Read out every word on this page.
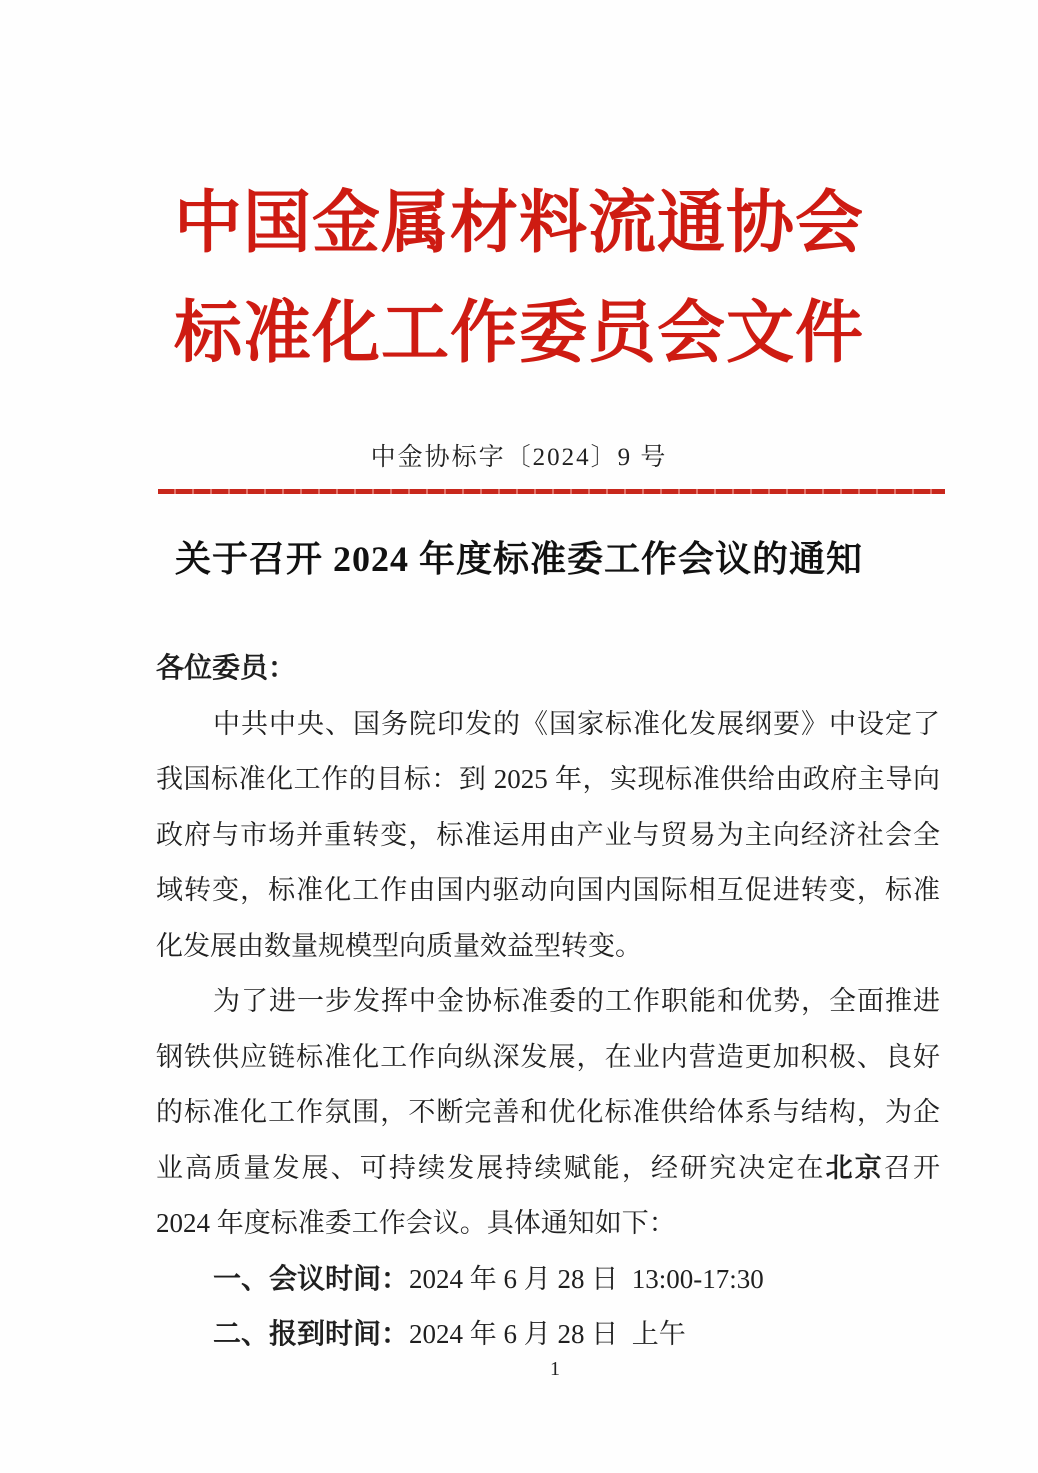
中国金属材料流通协会
标准化工作委员会文件
中金协标字〔2024〕9 号
关于召开 2024 年度标准委工作会议的通知
各位委员：
中共中央、国务院印发的《国家标准化发展纲要》中设定了
我国标准化工作的目标：到 2025 年，实现标准供给由政府主导向
政府与市场并重转变，标准运用由产业与贸易为主向经济社会全
域转变，标准化工作由国内驱动向国内国际相互促进转变，标准
化发展由数量规模型向质量效益型转变。
为了进一步发挥中金协标准委的工作职能和优势，全面推进
钢铁供应链标准化工作向纵深发展，在业内营造更加积极、良好
的标准化工作氛围，不断完善和优化标准供给体系与结构，为企
业高质量发展、可持续发展持续赋能，经研究决定在北京召开
2024 年度标准委工作会议。具体通知如下：
一、会议时间：2024 年 6 月 28 日  13:00-17:30
二、报到时间：2024 年 6 月 28 日  上午
1
